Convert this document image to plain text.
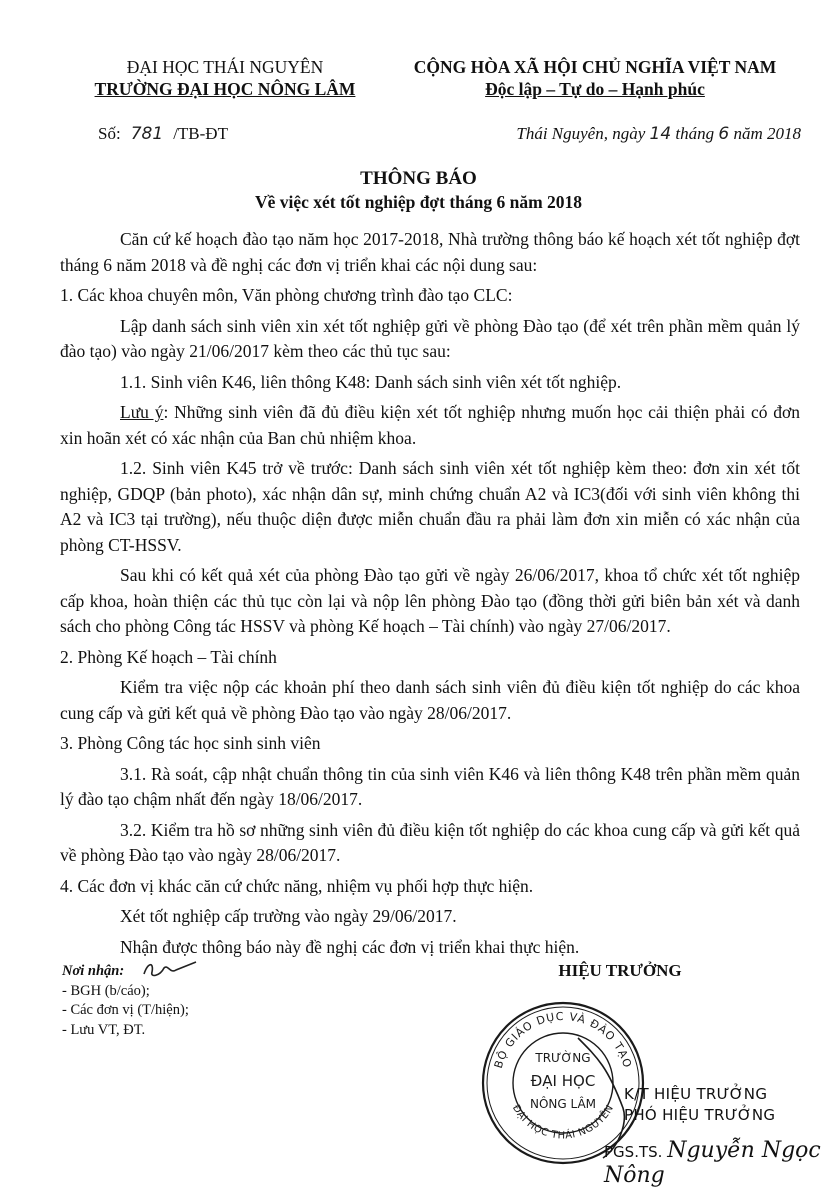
ĐẠI HỌC THÁI NGUYÊN
TRƯỜNG ĐẠI HỌC NÔNG LÂM
CỘNG HÒA XÃ HỘI CHỦ NGHĨA VIỆT NAM
Độc lập – Tự do – Hạnh phúc
Số: 781 /TB-ĐT	Thái Nguyên, ngày 14 tháng 6 năm 2018
THÔNG BÁO
Về việc xét tốt nghiệp đợt tháng 6 năm 2018

Căn cứ kế hoạch đào tạo năm học 2017-2018, Nhà trường thông báo kế hoạch xét tốt nghiệp đợt tháng 6 năm 2018 và đề nghị các đơn vị triển khai các nội dung sau:

1. Các khoa chuyên môn, Văn phòng chương trình đào tạo CLC:

Lập danh sách sinh viên xin xét tốt nghiệp gửi về phòng Đào tạo (để xét trên phần mềm quản lý đào tạo) vào ngày 21/06/2017 kèm theo các thủ tục sau:

1.1. Sinh viên K46, liên thông K48: Danh sách sinh viên xét tốt nghiệp.

Lưu ý: Những sinh viên đã đủ điều kiện xét tốt nghiệp nhưng muốn học cải thiện phải có đơn xin hoãn xét có xác nhận của Ban chủ nhiệm khoa.

1.2. Sinh viên K45 trở về trước: Danh sách sinh viên xét tốt nghiệp kèm theo: đơn xin xét tốt nghiệp, GDQP (bản photo), xác nhận dân sự, minh chứng chuẩn A2 và IC3(đối với sinh viên không thi A2 và IC3 tại trường), nếu thuộc diện được miễn chuẩn đầu ra phải làm đơn xin miễn có xác nhận của phòng CT-HSSV.

Sau khi có kết quả xét của phòng Đào tạo gửi về ngày 26/06/2017, khoa tổ chức xét tốt nghiệp cấp khoa, hoàn thiện các thủ tục còn lại và nộp lên phòng Đào tạo (đồng thời gửi biên bản xét và danh sách cho phòng Công tác HSSV và phòng Kế hoạch – Tài chính) vào ngày 27/06/2017.

2. Phòng Kế hoạch – Tài chính

Kiểm tra việc nộp các khoản phí theo danh sách sinh viên đủ điều kiện tốt nghiệp do các khoa cung cấp và gửi kết quả về phòng Đào tạo vào ngày 28/06/2017.

3. Phòng Công tác học sinh sinh viên

3.1. Rà soát, cập nhật chuẩn thông tin của sinh viên K46 và liên thông K48 trên phần mềm quản lý đào tạo chậm nhất đến ngày 18/06/2017.

3.2. Kiểm tra hồ sơ những sinh viên đủ điều kiện tốt nghiệp do các khoa cung cấp và gửi kết quả về phòng Đào tạo vào ngày 28/06/2017.

4. Các đơn vị khác căn cứ chức năng, nhiệm vụ phối hợp thực hiện.

Xét tốt nghiệp cấp trường vào ngày 29/06/2017.

Nhận được thông báo này đề nghị các đơn vị triển khai thực hiện.

Nơi nhận:
- BGH (b/cáo);
- Các đơn vị (T/hiện);
- Lưu VT, ĐT.
HIỆU TRƯỞNG
BỘ GIÁO DỤC VÀ ĐÀO TẠO
ĐẠI HỌC THÁI NGUYÊN
TRƯỜNG
ĐẠI HỌC
NÔNG LÂM
K/T HIỆU TRƯỞNG
PHÓ HIỆU TRƯỞNG
PGS.TS. Nguyễn Ngọc Nông
